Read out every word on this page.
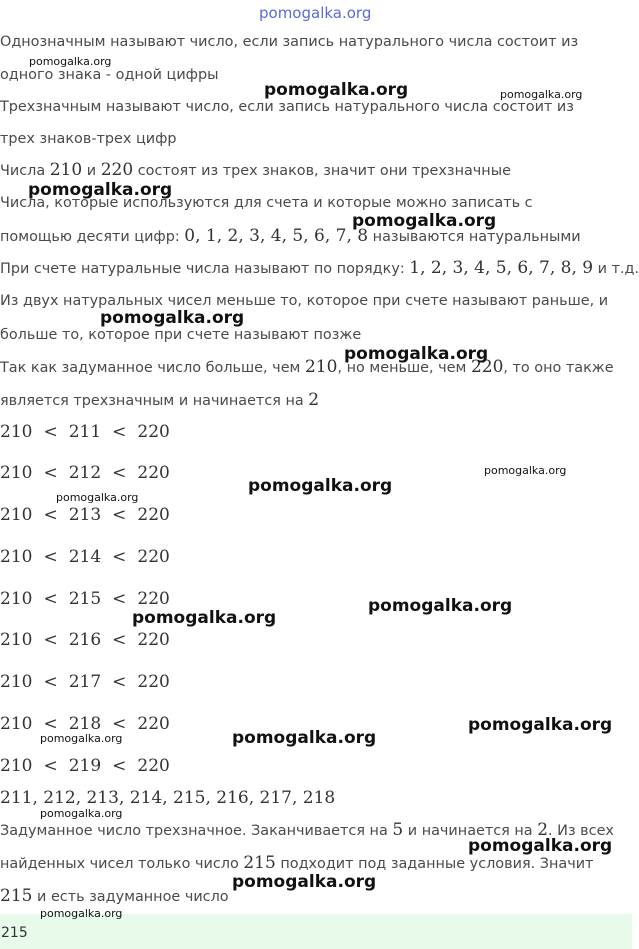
pomogalka.org
Однозначным называют число, если запись натурального числа состоит из
одного знака - одной цифры
Трехзначным называют число, если запись натурального числа состоит из
трех знаков-трех цифр
Числа 210 и 220 состоят из трех знаков, значит они трехзначные
Числа, которые используются для счета и которые можно записать с
помощью десяти цифр: 0, 1, 2, 3, 4, 5, 6, 7, 8 называются натуральными
При счете натуральные числа называют по порядку: 1, 2, 3, 4, 5, 6, 7, 8, 9 и т.д.
Из двух натуральных чисел меньше то, которое при счете называют раньше, и
больше то, которое при счете называют позже
Так как задуманное число больше, чем 210, но меньше, чем 220, то оно также
является трехзначным и начинается на 2
210 < 211 < 220
210 < 212 < 220
210 < 213 < 220
210 < 214 < 220
210 < 215 < 220
210 < 216 < 220
210 < 217 < 220
210 < 218 < 220
210 < 219 < 220
211, 212, 213, 214, 215, 216, 217, 218
Задуманное число трехзначное. Заканчивается на 5 и начинается на 2. Из всех
найденных чисел только число 215 подходит под заданные условия. Значит
215 и есть задуманное число
215
pomogalka.org
pomogalka.org	pomogalka.org
pomogalka.org
pomogalka.org
pomogalka.org
pomogalka.org
pomogalka.org
pomogalka.org
pomogalka.org
pomogalka.org
pomogalka.org
pomogalka.org
pomogalka.org
pomogalka.org
pomogalka.org
pomogalka.org
pomogalka.org
pomogalka.org
